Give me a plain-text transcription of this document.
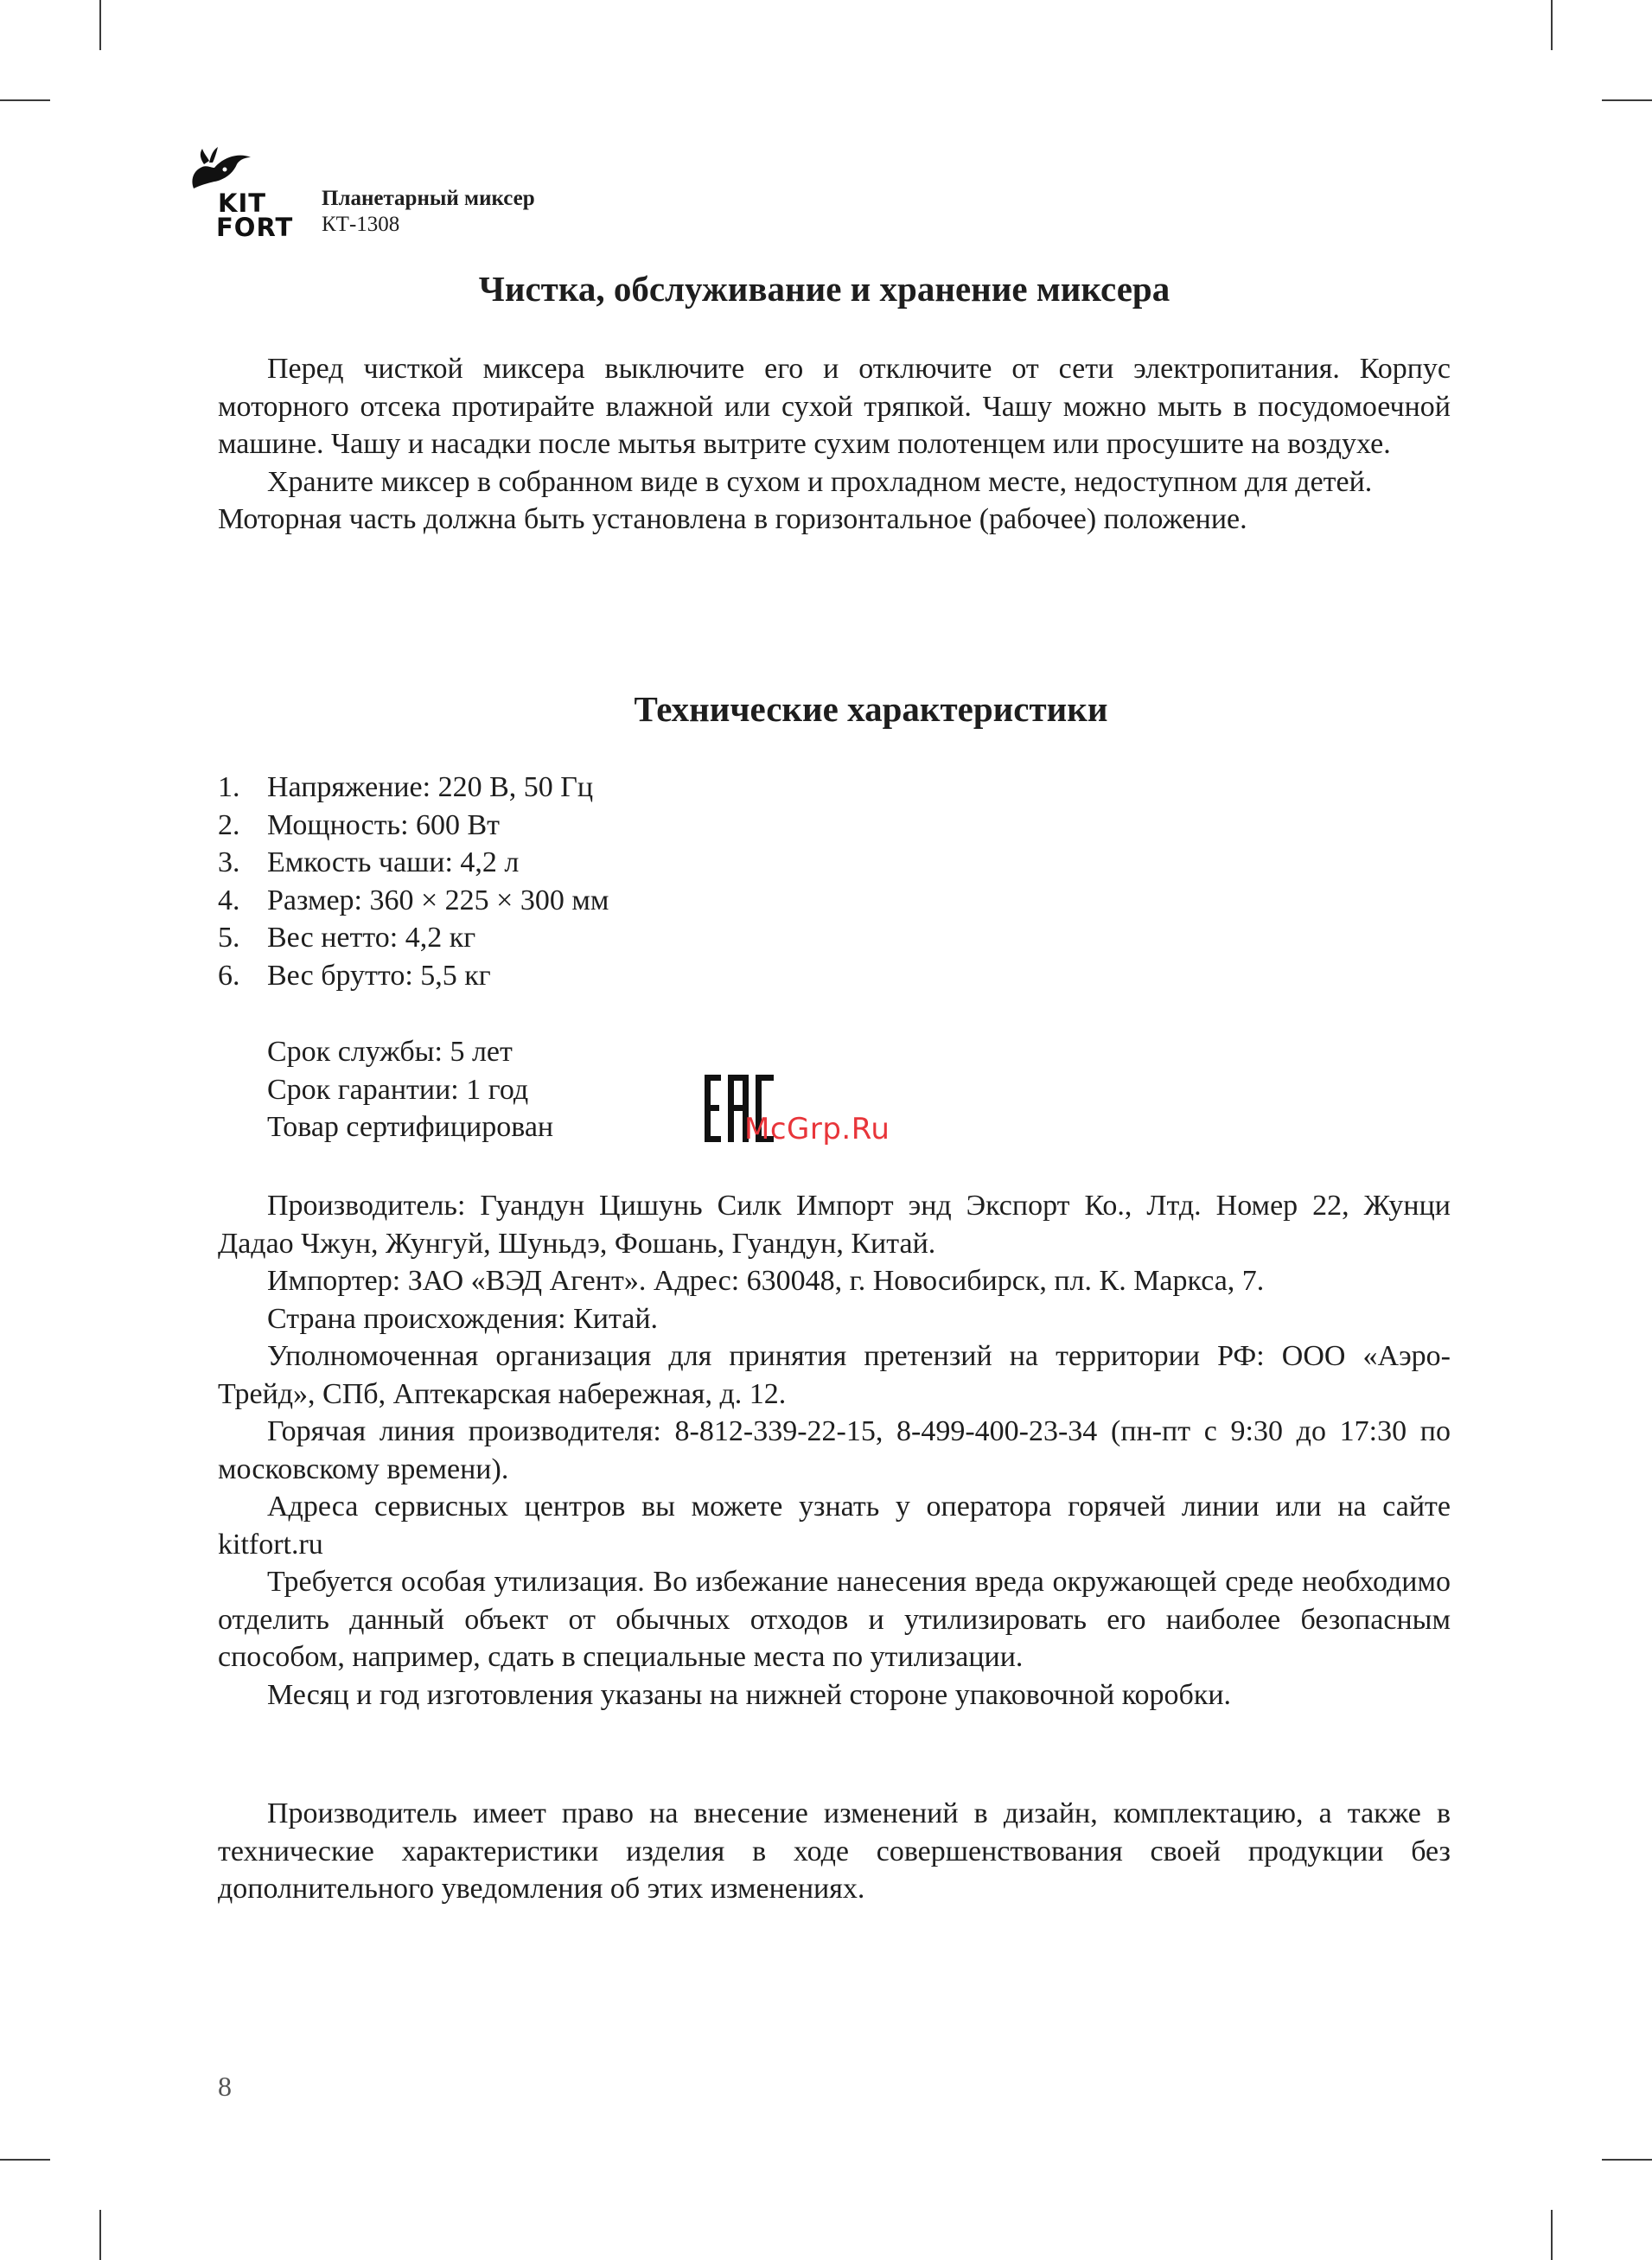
KIT
FORT
Планетарный миксер
КТ-1308
Чистка, обслуживание и хранение миксера

Перед чисткой миксера выключите его и отключите от сети электропитания. Корпус моторного отсека протирайте влажной или сухой тряпкой. Чашу можно мыть в посудомоечной машине. Чашу и насадки после мытья вытрите сухим полотенцем или просушите на воздухе.

Храните миксер в собранном виде в сухом и прохладном месте, недоступном для детей. Моторная часть должна быть установлена в горизонтальное (рабочее) положение.

Технические характеристики
1. Напряжение: 220 В, 50 Гц
2. Мощность: 600 Вт
3. Емкость чаши: 4,2 л
4. Размер: 360 × 225 × 300 мм
5. Вес нетто: 4,2 кг
6. Вес брутто: 5,5 кг
Срок службы: 5 лет
Срок гарантии: 1 год
Товар сертифицирован	McGrp.Ru

Производитель: Гуандун Цишунь Силк Импорт энд Экспорт Ко., Лтд. Номер 22, Жунци Дадао Чжун, Жунгуй, Шуньдэ, Фошань, Гуандун, Китай.

Импортер: ЗАО «ВЭД Агент». Адрес: 630048, г. Новосибирск, пл. К. Маркса, 7.

Страна происхождения: Китай.

Уполномоченная организация для принятия претензий на территории РФ: ООО «Аэро-Трейд», СПб, Аптекарская набережная, д. 12.

Горячая линия производителя: 8-812-339-22-15, 8-499-400-23-34 (пн-пт с 9:30 до 17:30 по московскому времени).

Адреса сервисных центров вы можете узнать у оператора горячей линии или на сайте kitfort.ru

Требуется особая утилизация. Во избежание нанесения вреда окружающей среде необходимо отделить данный объект от обычных отходов и утилизировать его наиболее безопасным способом, например, сдать в специальные места по утилизации.

Месяц и год изготовления указаны на нижней стороне упаковочной коробки.

Производитель имеет право на внесение изменений в дизайн, комплектацию, а также в технические характеристики изделия в ходе совершенствования своей продукции без дополнительного уведомления об этих изменениях.

8
